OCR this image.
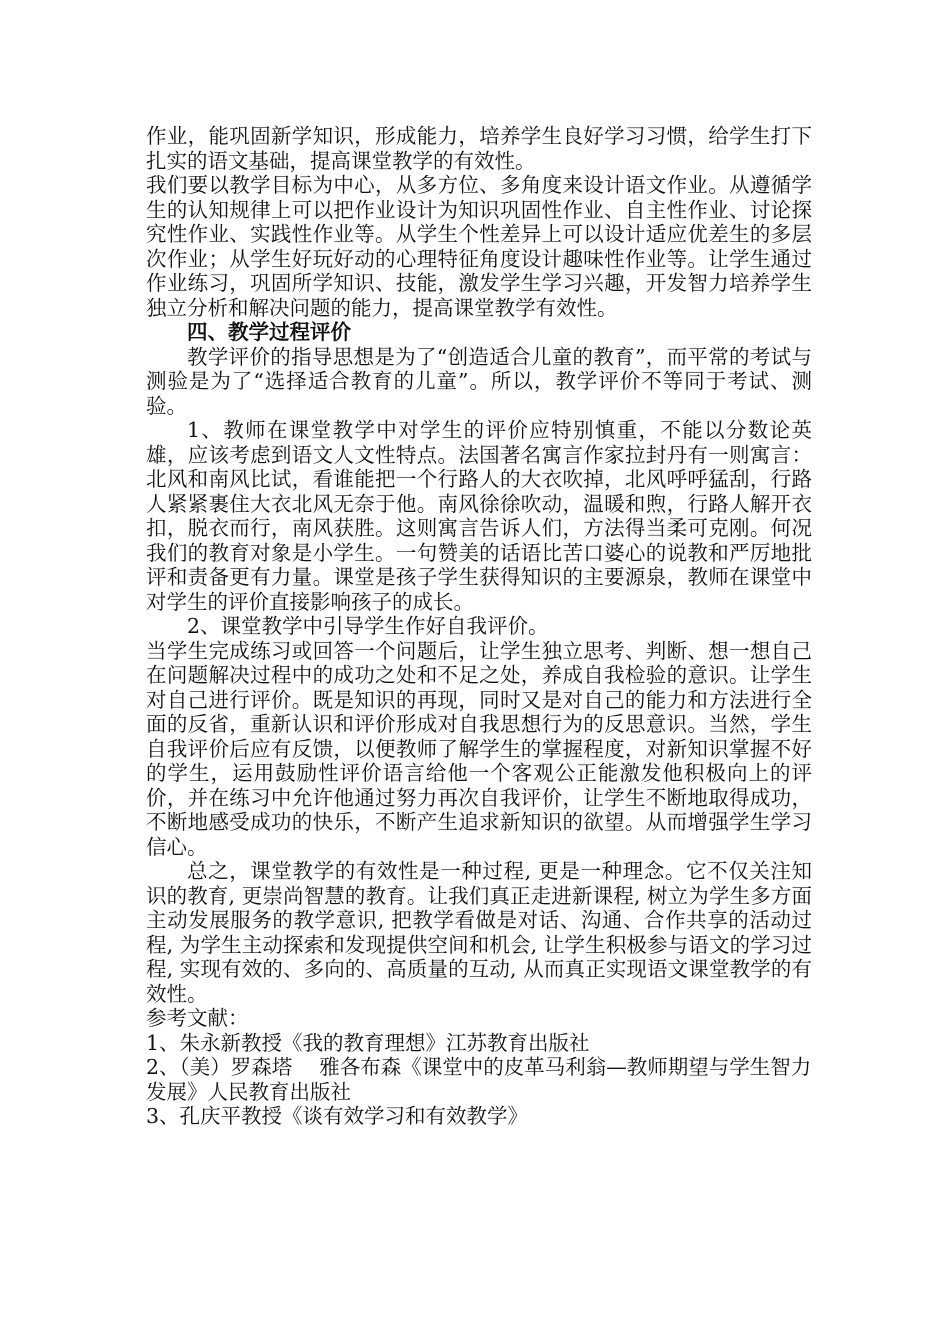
作业，能巩固新学知识，形成能力，培养学生良好学习习惯，给学生打下扎实的语文基础，提高课堂教学的有效性。

我们要以教学目标为中心，从多方位、多角度来设计语文作业。从遵循学生的认知规律上可以把作业设计为知识巩固性作业、自主性作业、讨论探究性作业、实践性作业等。从学生个性差异上可以设计适应优差生的多层次作业；从学生好玩好动的心理特征角度设计趣味性作业等。让学生通过作业练习，巩固所学知识、技能，激发学生学习兴趣，开发智力培养学生独立分析和解决问题的能力，提高课堂教学有效性。

四、教学过程评价

教学评价的指导思想是为了“创造适合儿童的教育”，而平常的考试与测验是为了“选择适合教育的儿童”。所以，教学评价不等同于考试、测验。

1、教师在课堂教学中对学生的评价应特别慎重，不能以分数论英雄，应该考虑到语文人文性特点。法国著名寓言作家拉封丹有一则寓言：北风和南风比试，看谁能把一个行路人的大衣吹掉，北风呼呼猛刮，行路人紧紧裹住大衣北风无奈于他。南风徐徐吹动，温暖和煦，行路人解开衣扣，脱衣而行，南风获胜。这则寓言告诉人们，方法得当柔可克刚。何况我们的教育对象是小学生。一句赞美的话语比苦口婆心的说教和严厉地批评和责备更有力量。课堂是孩子学生获得知识的主要源泉，教师在课堂中对学生的评价直接影响孩子的成长。

2、课堂教学中引导学生作好自我评价。

当学生完成练习或回答一个问题后，让学生独立思考、判断、想一想自己在问题解决过程中的成功之处和不足之处，养成自我检验的意识。让学生对自己进行评价。既是知识的再现，同时又是对自己的能力和方法进行全面的反省，重新认识和评价形成对自我思想行为的反思意识。当然，学生自我评价后应有反馈，以便教师了解学生的掌握程度，对新知识掌握不好的学生，运用鼓励性评价语言给他一个客观公正能激发他积极向上的评价，并在练习中允许他通过努力再次自我评价，让学生不断地取得成功，不断地感受成功的快乐，不断产生追求新知识的欲望。从而增强学生学习信心。

总之，课堂教学的有效性是一种过程, 更是一种理念。它不仅关注知识的教育, 更崇尚智慧的教育。让我们真正走进新课程, 树立为学生多方面主动发展服务的教学意识, 把教学看做是对话、沟通、合作共享的活动过程, 为学生主动探索和发现提供空间和机会, 让学生积极参与语文的学习过程, 实现有效的、多向的、高质量的互动, 从而真正实现语文课堂教学的有效性。

参考文献：

1、朱永新教授《我的教育理想》江苏教育出版社

2、（美）罗森塔　 雅各布森《课堂中的皮革马利翁—教师期望与学生智力发展》人民教育出版社

3、孔庆平教授《谈有效学习和有效教学》
